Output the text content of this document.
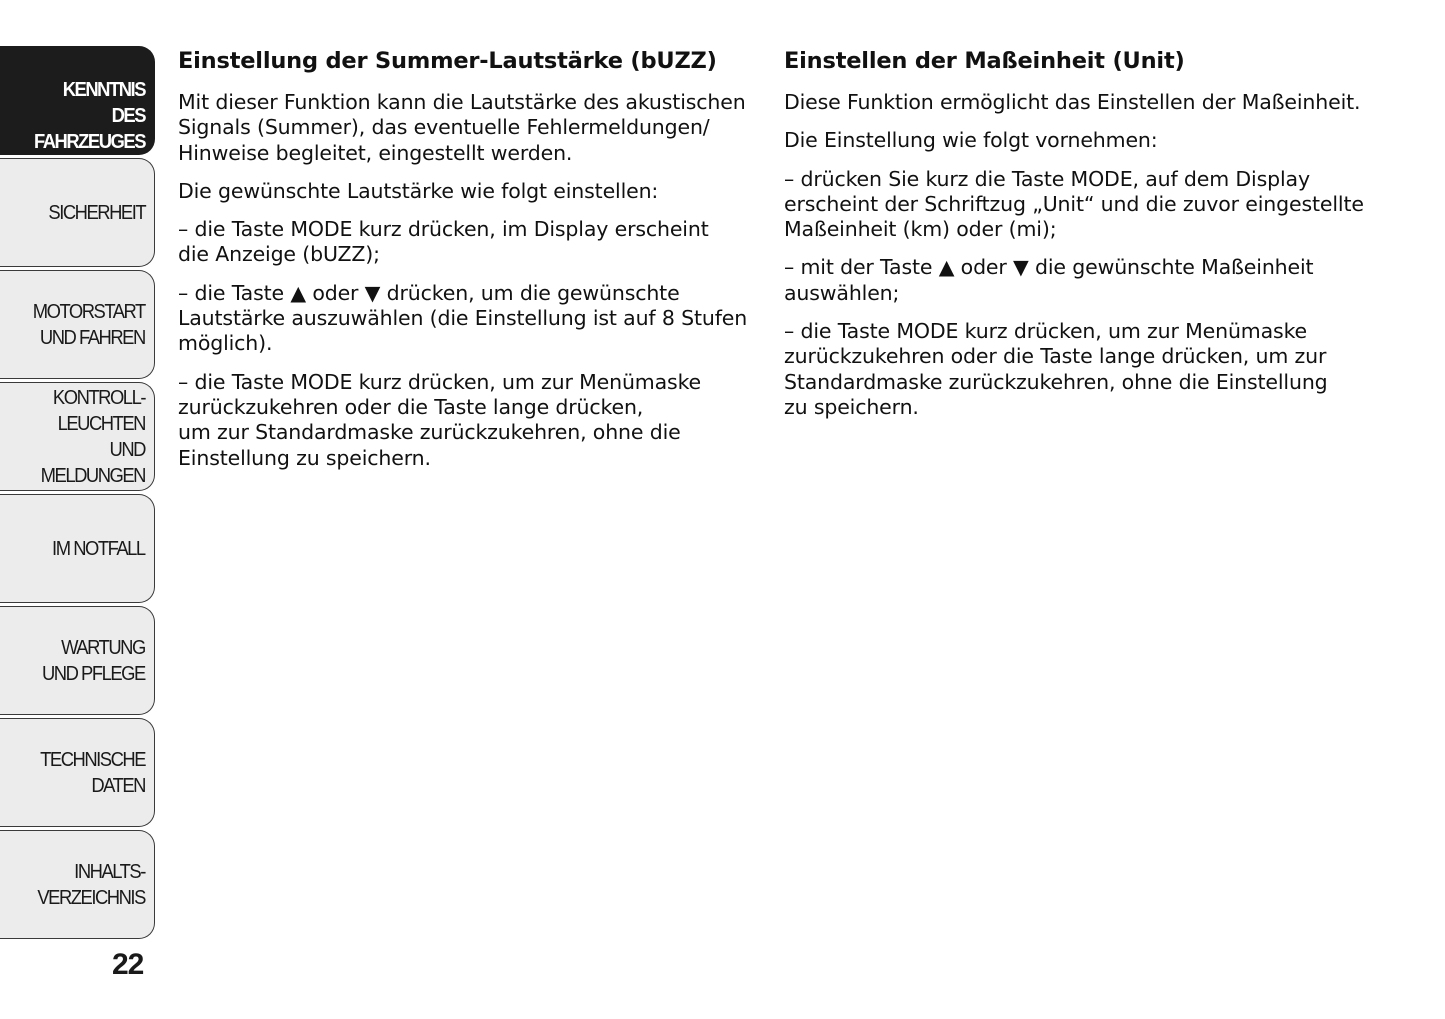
KENNTNIS
DES FAHRZEUGES
SICHERHEIT
MOTORSTART
UND FAHREN
KONTROLL-
LEUCHTEN
UND MELDUNGEN
IM NOTFALL
WARTUNG
UND PFLEGE
TECHNISCHE
DATEN
INHALTS-
VERZEICHNIS
22
Einstellung der Summer-Lautstärke (bUZZ)

Mit dieser Funktion kann die Lautstärke des akustischen
Signals (Summer), das eventuelle Fehlermeldungen/
Hinweise begleitet, eingestellt werden.

Die gewünschte Lautstärke wie folgt einstellen:

– die Taste MODE kurz drücken, im Display erscheint
die Anzeige (bUZZ);

– die Taste ▲ oder ▼ drücken, um die gewünschte
Lautstärke auszuwählen (die Einstellung ist auf 8 Stufen
möglich).

– die Taste MODE kurz drücken, um zur Menümaske
zurückzukehren oder die Taste lange drücken,
um zur Standardmaske zurückzukehren, ohne die
Einstellung zu speichern.

Einstellen der Maßeinheit (Unit)

Diese Funktion ermöglicht das Einstellen der Maßeinheit.

Die Einstellung wie folgt vornehmen:

– drücken Sie kurz die Taste MODE, auf dem Display
erscheint der Schriftzug „Unit“ und die zuvor eingestellte
Maßeinheit (km) oder (mi);

– mit der Taste ▲ oder ▼ die gewünschte Maßeinheit
auswählen;

– die Taste MODE kurz drücken, um zur Menümaske
zurückzukehren oder die Taste lange drücken, um zur
Standardmaske zurückzukehren, ohne die Einstellung
zu speichern.
